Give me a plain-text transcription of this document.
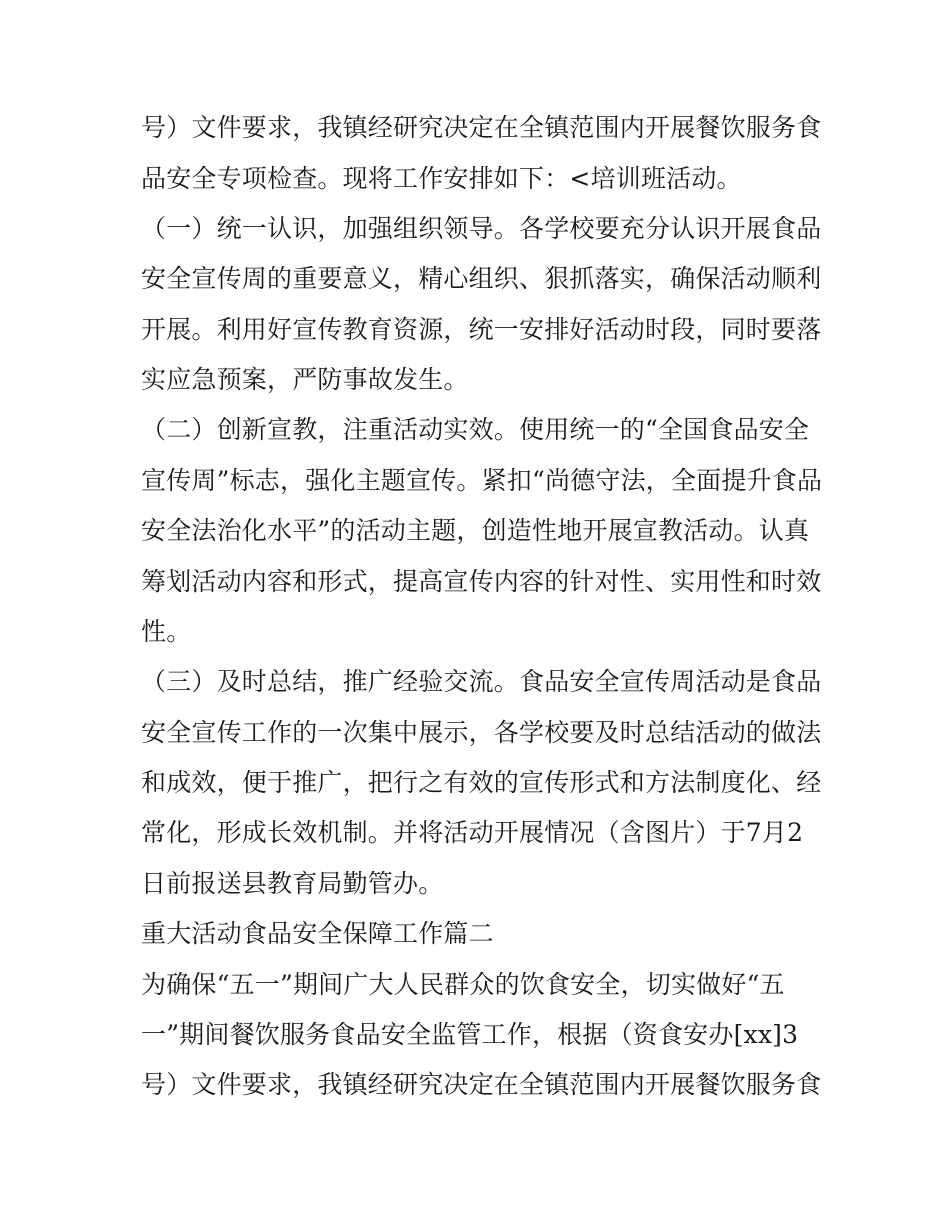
号）文件要求，我镇经研究决定在全镇范围内开展餐饮服务食
品安全专项检查。现将工作安排如下：<培训班活动。
（一）统一认识，加强组织领导。各学校要充分认识开展食品
安全宣传周的重要意义，精心组织、狠抓落实，确保活动顺利
开展。利用好宣传教育资源，统一安排好活动时段，同时要落
实应急预案，严防事故发生。
（二）创新宣教，注重活动实效。使用统一的“全国食品安全
宣传周”标志，强化主题宣传。紧扣“尚德守法，全面提升食品
安全法治化水平”的活动主题，创造性地开展宣教活动。认真
筹划活动内容和形式，提高宣传内容的针对性、实用性和时效
性。
（三）及时总结，推广经验交流。食品安全宣传周活动是食品
安全宣传工作的一次集中展示，各学校要及时总结活动的做法
和成效，便于推广，把行之有效的宣传形式和方法制度化、经
常化，形成长效机制。并将活动开展情况（含图片）于7月2
日前报送县教育局勤管办。
重大活动食品安全保障工作篇二
为确保“五一”期间广大人民群众的饮食安全，切实做好“五
一”期间餐饮服务食品安全监管工作，根据（资食安办[xx]3
号）文件要求，我镇经研究决定在全镇范围内开展餐饮服务食
